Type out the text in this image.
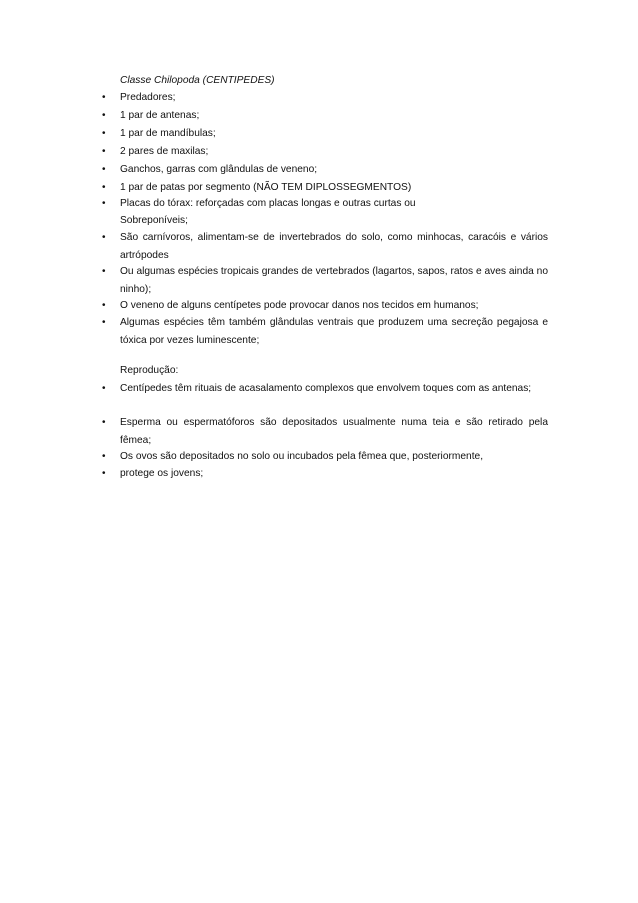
Classe Chilopoda (CENTIPEDES)

• Predadores;

• 1 par de antenas;

• 1 par de mandíbulas;

• 2 pares de maxilas;

• Ganchos, garras com glândulas de veneno;

• 1 par de patas por segmento (NÃO TEM DIPLOSSEGMENTOS)

• Placas do tórax: reforçadas com placas longas e outras curtas ou

Sobreponíveis;

• São carnívoros, alimentam-se de invertebrados do solo, como minhocas, caracóis e vários artrópodes

• Ou algumas espécies tropicais grandes de vertebrados (lagartos, sapos, ratos e aves ainda no ninho);

• O veneno de alguns centípetes pode provocar danos nos tecidos em humanos;

• Algumas espécies têm também glândulas ventrais que produzem uma secreção pegajosa e tóxica por vezes luminescente;

Reprodução:

• Centípedes têm rituais de acasalamento complexos que envolvem toques com as antenas;

• Esperma ou espermatóforos são depositados usualmente numa teia e são retirado pela fêmea;

• Os ovos são depositados no solo ou incubados pela fêmea que, posteriormente,

• protege os jovens;
